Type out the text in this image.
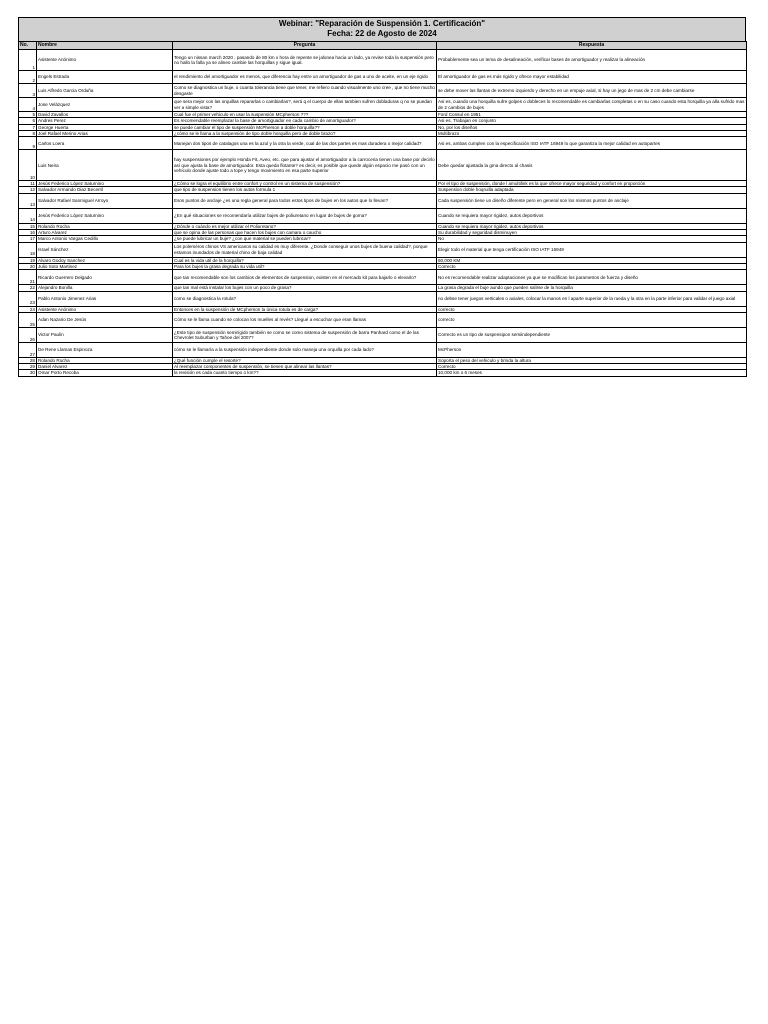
Webinar: "Reparación de Suspensión 1. Certificación"
Fecha: 22 de Agosto de 2024
No.	Nombre	Pregunta	Respuesta
1	Asistente Anónimo	Tengo un nissan march 2020 , pasando de 80 km x hora de repente se jalonea hacia un lado, ya revise toda la suspensión pero no hallo la falla ya se alineo cambie las horquillas y sigue igual.	Probablemente sea un tema de desalineación, verificar bases de amortiguador y realizar la alineación
2	Engels Estrada	el rendimiento del amortiguador es menos, que diferencia hay entre un amortiguador de gas a uno de aceite, en un eje rigido	El amortiguador de gas es más rigido y ofrece mayor estabilidad
3	Luis Alfredo Garcia Orduña	Como se diagnostica un buje, o cuanta tolerancia tiene que tener, me refiero cuando visualmente uno cree , que no tiene mucho desgaste	se debe mover las llantas de extremo izquierdo y derecho en un empuje axial, si hay un jego de mas de 2 cm debe cambiarse
4	Jose Velázquez	que sera mejor con las orquillas repararlas o cambiarlas?, será q el cuerpo de ellas tambien sufren dobladuras q no se puedan ver a simple vista?	Asi es, cuando una horquilla sufre golpes o dobleces lo recomendable es cambiarlas completas o en su caso cuando esta horquilla ya alla sufrido mas de 2 cambios de bujes
5	David Zavallos	Cual fue el primer vehiculo en usar la suspensión MCpherson ???	Ford Consul en 1951
6	Andres Perez	Es recomendable reemplazar la base de amortiguador en cada cambio de amortiguador?	Asi es. Trabajan en conjunto
7	George Huerta	se puede cambiar el tipo de suspensión McPherson a doble horquilla??	No, por los diseños
8	Joel Rafael Merino Arias	¿cómo se le llama a la suspensión de tipo doble horquilla pero de doble brazo?	Multibrazo
9	Carlos Loera	Manejan dos tipos de catalagos una es la azul y la otra la verde, cual de las dos partes es mas duradera o mejor calidad?	Asi es, ambas cumplen con la especificación ISO IATF 16949 lo que garantiza la mejor calidad en autopartes
10	Luis Neira	hay suspensiones por ejemplo Honda Fit, Aveo, etc. que para ajustar el amortiguador a la carroceria tienen una base por decirlo así que ajusta la base de amortiguador. Esta queda flotante? es decir, es posible que quede algún espacio me pasó con un vehículo donde ajuste todo a tope y tengo movimiento en esa parte superior	Debe quedar ajustada la gma directo al chasis
11	Jesús Federico López Saturnino	¿Cómo se logra el equilibrio entre confort y control en un sistema de suspensión?	Por el tipo de suspensión, donde l amultilink es la que ofrece mayor seguridad y confort en proporción
12	Salvador Armando Diaz Becerril	que tipo de suspension tienen los autos formula 1	Suspension doble hoqruilla adaptada
13	Salvador Rafael Sanmiguel Arroyo	Esos puntos de anclaje ¿es una regla general para todos estos tipos de bujes en los autos que lo llevan?	Cada suspensión tiene un diseño diferente pero en general son los mismos puntos de anclaje
14	Jesús Federico López Saturnino	¿En qué situaciones se recomendaría utilizar bujes de poliuretano en lugar de bujes de goma?	Cuando se requiera mayor rigidez, autos deportivos
15	Rolando Rocha	¿Dónde o cuándo es mejor utilizar el Poliuretano?	Cuando se requiera mayor rigidez, autos deportivos
16	Arturo Alvarez	que se opina de las personas que hacen los bujes con camara o caucho	Su durabilidad y seguridad disminuyen
17	Marco Antonio Vargas Cedillo	¿se puede lubricar un buje? ¿con que material se pueden lubricar?	No
18	Israel Sánchez	Los poleméros chinos VS americanos su calidad es muy diferente. ¿Donde conseguir unos bujes de buena calidad?, porque estamos inundados de material chino de baja calidad	Elegir todo el material que tenga certificación ISO IATF 16949
19	Alvaro Godoy Sanchez	Cual es la vida util de la horquilla?	60,000 KM
20	Julio Soto Martinez	Para los bujes la grasa degrada su vida util?	Correcto
21	Ricardo Guerrero Delgado	que tan recomendable son los cambios de elementos de suspension, existen en el mercado kit para bajarlo o elevarlo?	No es recomendable realizar adaptaciones ya que se modifican los parametros de fuerza y diseño
22	Alejandro Bonilla	que tan mal está instalar los bujes con un poco de grasa?	La grasa degrada el buje aundo que pueden salirse de la horquilla
23	Pablo Antonio Jimenez Arias	como se diagnostica la rotula?	no debse tener juegos verticales o axiales, colocar la manos en l aparte superior de la rueda y la otra en la parte inferior para validar el juego axial
24	Asistente Anónimo	Entonces en la suspensión de MCpherson la única rotula es de carga?	correcto
25	Adan Nazario De Jesús	Cómo se le llama cuando se colocan los muelles al revés? Llegué a escuchar que eran llamas	correcto
26	Victor Paulin	¿Este tipo de suspensión semirígido también se como se como sistema de suspensión de barra Panhard como el de las Chevrolet Suburban y Tahoe del 2007?	Correcto es un tipo de suspensipon semiindependiente
27	De Rene Llamas Espinoza	cómo se le llamaría a la suspensión independiente donde solo maneja una orquilla por cada lado?	McPherson
28	Rolando Rocha	¿Qué función cumple el resorte?	Soporta el peso del vehiculo y brinda la altura
29	Daniel Alvarez	Al reemplazar componentes de suspensión, se tienen que alinear las llantas?	Correcto
30	Omar Porto Recoba	la revisión es cada cuanto tiempo o km??	10,000 km o 6 meses
